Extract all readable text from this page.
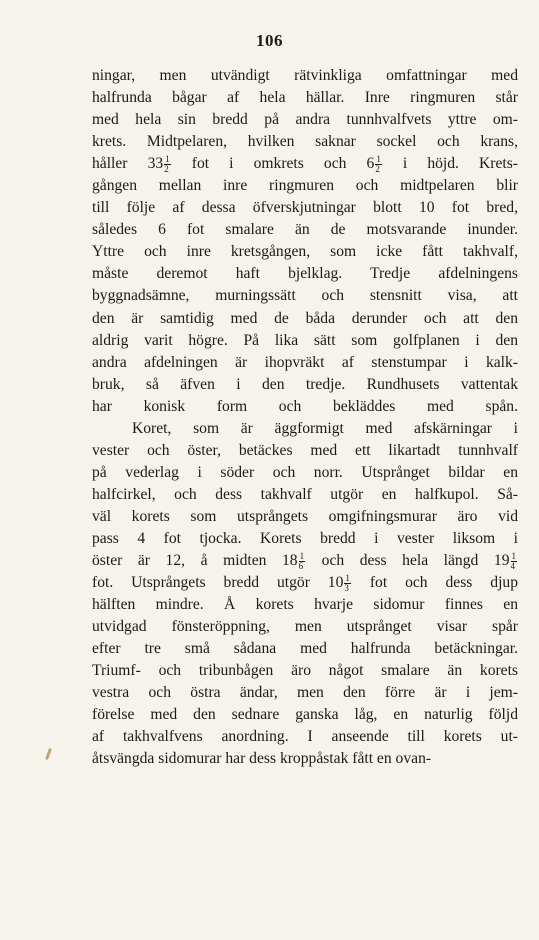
106
ningar, men utvändigt rätvinkliga omfattningar med
halfrunda bågar af hela hällar. Inre ringmuren står
med hela sin bredd på andra tunnhvalfvets yttre om-
krets. Midtpelaren, hvilken saknar sockel och krans,
håller $33 \frac{1}{2}$ fot i omkrets och $6 \frac{1}{2}$ i höjd. Krets-
gången mellan inre ringmuren och midtpelaren blir
till följe af dessa öfverskjutningar blott 10 fot bred,
således 6 fot smalare än de motsvarande inunder.
Yttre och inre kretsgången, som icke fått takhvalf,
måste deremot haft bjelklag. Tredje afdelningens
byggnadsämne, murningssätt och stensnitt visa, att
den är samtidig med de båda derunder och att den
aldrig varit högre. På lika sätt som golfplanen i den
andra afdelningen är ihopvräkt af stenstumpar i kalk-
bruk, så äfven i den tredje. Rundhusets vattentak
har konisk form och bekläddes med spån.
Koret, som är äggformigt med afskärningar i
vester och öster, betäckes med ett likartadt tunnhvalf
på vederlag i söder och norr. Utsprånget bildar en
halfcirkel, och dess takhvalf utgör en halfkupol. Så-
väl korets som utsprångets omgifningsmurar äro vid
pass 4 fot tjocka. Korets bredd i vester liksom i
öster är 12, å midten $18 \frac{1}{6}$ och dess hela längd $19 \frac{1}{4}$
fot. Utsprångets bredd utgör $10 \frac{1}{3}$ fot och dess djup
hälften mindre. Å korets hvarje sidomur finnes en
utvidgad fönsteröppning, men utsprånget visar spår
efter tre små sådana med halfrunda betäckningar.
Triumf- och tribunbågen äro något smalare än korets
vestra och östra ändar, men den förre är i jem-
förelse med den sednare ganska låg, en naturlig följd
af takhvalfvens anordning. I anseende till korets ut-
åtsvängda sidomurar har dess kroppåstak fått en ovan-
